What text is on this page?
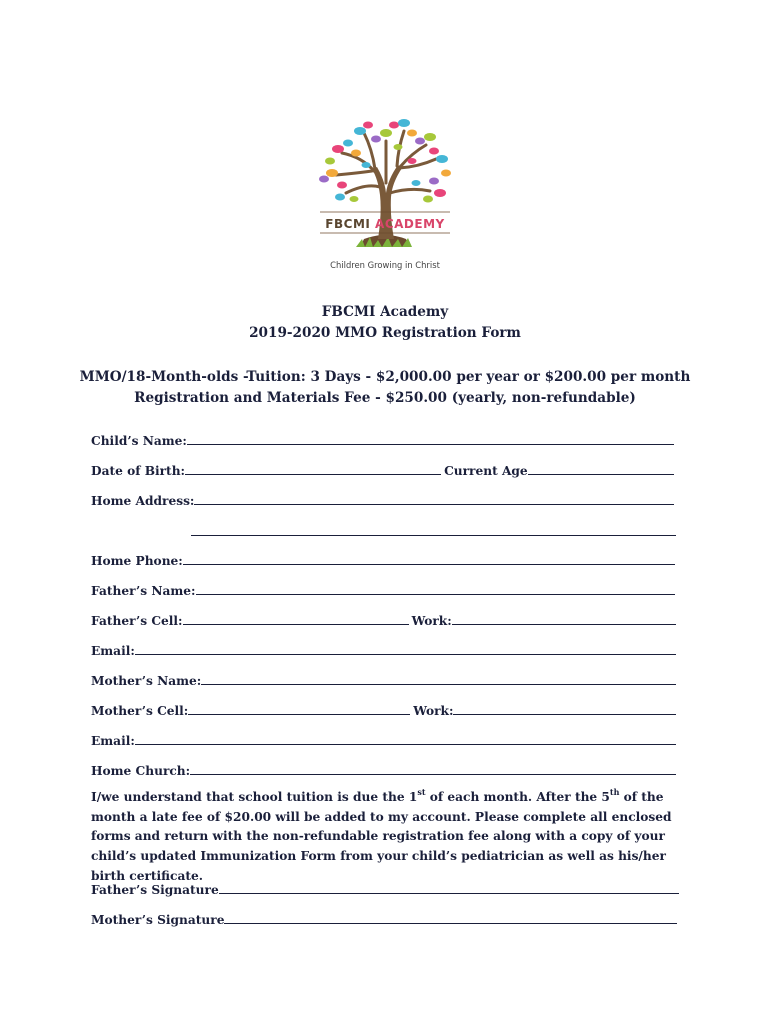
FBCMI ACADEMY
Children Growing in Christ
FBCMI Academy
2019-2020 MMO Registration Form
MMO/18-Month-olds -Tuition: 3 Days - $2,000.00 per year or $200.00 per month
Registration and Materials Fee - $250.00 (yearly, non-refundable)
Child’s Name:
Date of Birth:	Current Age
Home Address:
Home Phone:
Father’s Name:
Father’s Cell:	Work:
Email:
Mother’s Name:
Mother’s Cell:	Work:
Email:
Home Church:
I/we understand that school tuition is due the 1st of each month. After the 5th of the month a late fee of $20.00 will be added to my account. Please complete all enclosed forms and return with the non-refundable registration fee along with a copy of your child’s updated Immunization Form from your child’s pediatrician as well as his/her birth certificate.
Father’s Signature
Mother’s Signature
